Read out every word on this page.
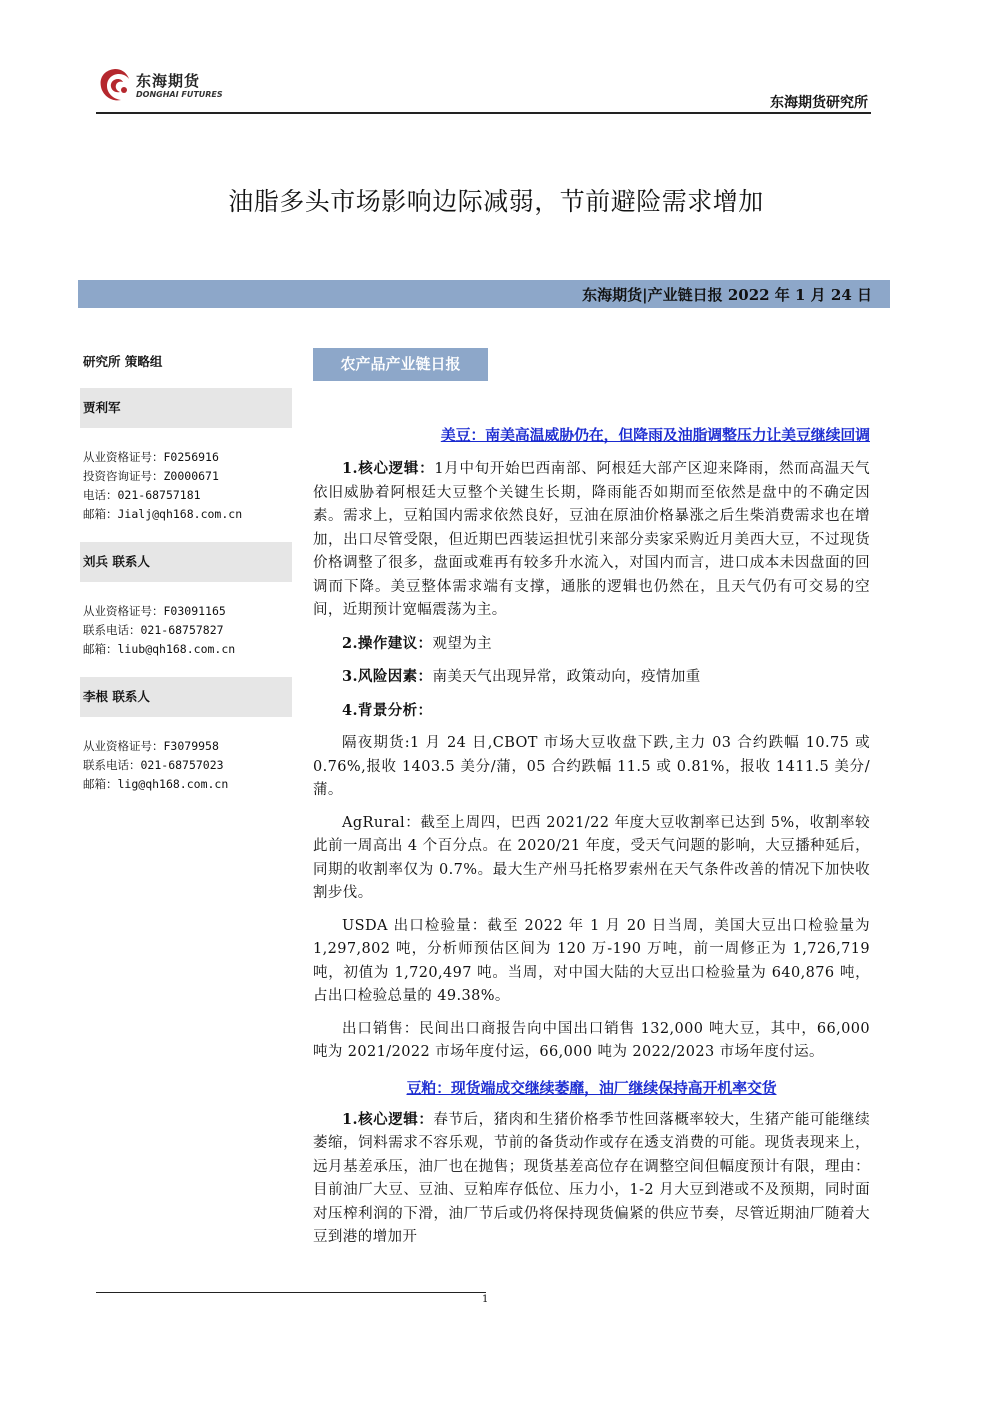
东海期货
DONGHAI FUTURES
东海期货研究所
油脂多头市场影响边际减弱，节前避险需求增加
东海期货|产业链日报 2022 年 1 月 24 日
研究所 策略组
贾利军
从业资格证号：F0256916
投资咨询证号：Z0000671
电话：021-68757181
邮箱：Jialj@qh168.com.cn
刘兵 联系人
从业资格证号：F03091165
联系电话：021-68757827
邮箱：liub@qh168.com.cn
李根 联系人
从业资格证号：F3079958
联系电话：021-68757023
邮箱：lig@qh168.com.cn
农产品产业链日报
美豆：南美高温威胁仍在，但降雨及油脂调整压力让美豆继续回调

1.核心逻辑：1月中旬开始巴西南部、阿根廷大部产区迎来降雨，然而高温天气依旧威胁着阿根廷大豆整个关键生长期，降雨能否如期而至依然是盘中的不确定因素。需求上，豆粕国内需求依然良好，豆油在原油价格暴涨之后生柴消费需求也在增加，出口尽管受限，但近期巴西装运担忧引来部分卖家采购近月美西大豆，不过现货价格调整了很多，盘面或难再有较多升水流入，对国内而言，进口成本未因盘面的回调而下降。美豆整体需求端有支撑，通胀的逻辑也仍然在，且天气仍有可交易的空间，近期预计宽幅震荡为主。

2.操作建议：观望为主

3.风险因素：南美天气出现异常，政策动向，疫情加重

4.背景分析：

隔夜期货:1 月 24 日,CBOT 市场大豆收盘下跌,主力 03 合约跌幅 10.75 或 0.76%,报收 1403.5 美分/蒲，05 合约跌幅 11.5 或 0.81%，报收 1411.5 美分/蒲。

AgRural：截至上周四，巴西 2021/22 年度大豆收割率已达到 5%，收割率较此前一周高出 4 个百分点。在 2020/21 年度，受天气问题的影响，大豆播种延后，同期的收割率仅为 0.7%。最大生产州马托格罗索州在天气条件改善的情况下加快收割步伐。

USDA 出口检验量：截至 2022 年 1 月 20 日当周，美国大豆出口检验量为 1,297,802 吨，分析师预估区间为 120 万-190 万吨，前一周修正为 1,726,719 吨，初值为 1,720,497 吨。当周，对中国大陆的大豆出口检验量为 640,876 吨，占出口检验总量的 49.38%。

出口销售：民间出口商报告向中国出口销售 132,000 吨大豆，其中，66,000 吨为 2021/2022 市场年度付运，66,000 吨为 2022/2023 市场年度付运。

豆粕：现货端成交继续萎靡，油厂继续保持高开机率交货

1.核心逻辑：春节后，猪肉和生猪价格季节性回落概率较大，生猪产能可能继续萎缩，饲料需求不容乐观，节前的备货动作或存在透支消费的可能。现货表现来上，远月基差承压，油厂也在抛售；现货基差高位存在调整空间但幅度预计有限，理由：目前油厂大豆、豆油、豆粕库存低位、压力小，1-2 月大豆到港或不及预期，同时面对压榨利润的下滑，油厂节后或仍将保持现货偏紧的供应节奏，尽管近期油厂随着大豆到港的增加开

1
